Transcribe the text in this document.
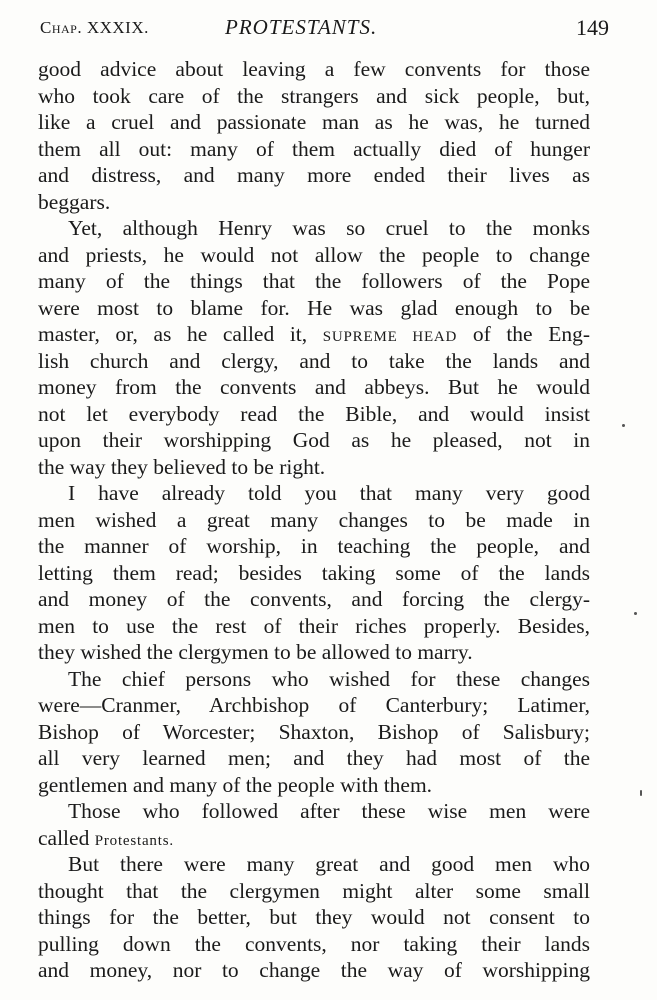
Chap. XXXIX.	PROTESTANTS.	149
good advice about leaving a few convents for those
who took care of the strangers and sick people, but,
like a cruel and passionate man as he was, he turned
them all out: many of them actually died of hunger
and distress, and many more ended their lives as
beggars.
Yet, although Henry was so cruel to the monks
and priests, he would not allow the people to change
many of the things that the followers of the Pope
were most to blame for. He was glad enough to be
master, or, as he called it, SUPREME HEAD of the Eng-
lish church and clergy, and to take the lands and
money from the convents and abbeys. But he would
not let everybody read the Bible, and would insist
upon their worshipping God as he pleased, not in
the way they believed to be right.
I have already told you that many very good
men wished a great many changes to be made in
the manner of worship, in teaching the people, and
letting them read; besides taking some of the lands
and money of the convents, and forcing the clergy-
men to use the rest of their riches properly. Besides,
they wished the clergymen to be allowed to marry.
The chief persons who wished for these changes
were—Cranmer, Archbishop of Canterbury; Latimer,
Bishop of Worcester; Shaxton, Bishop of Salisbury;
all very learned men; and they had most of the
gentlemen and many of the people with them.
Those who followed after these wise men were
called Protestants.
But there were many great and good men who
thought that the clergymen might alter some small
things for the better, but they would not consent to
pulling down the convents, nor taking their lands
and money, nor to change the way of worshipping
